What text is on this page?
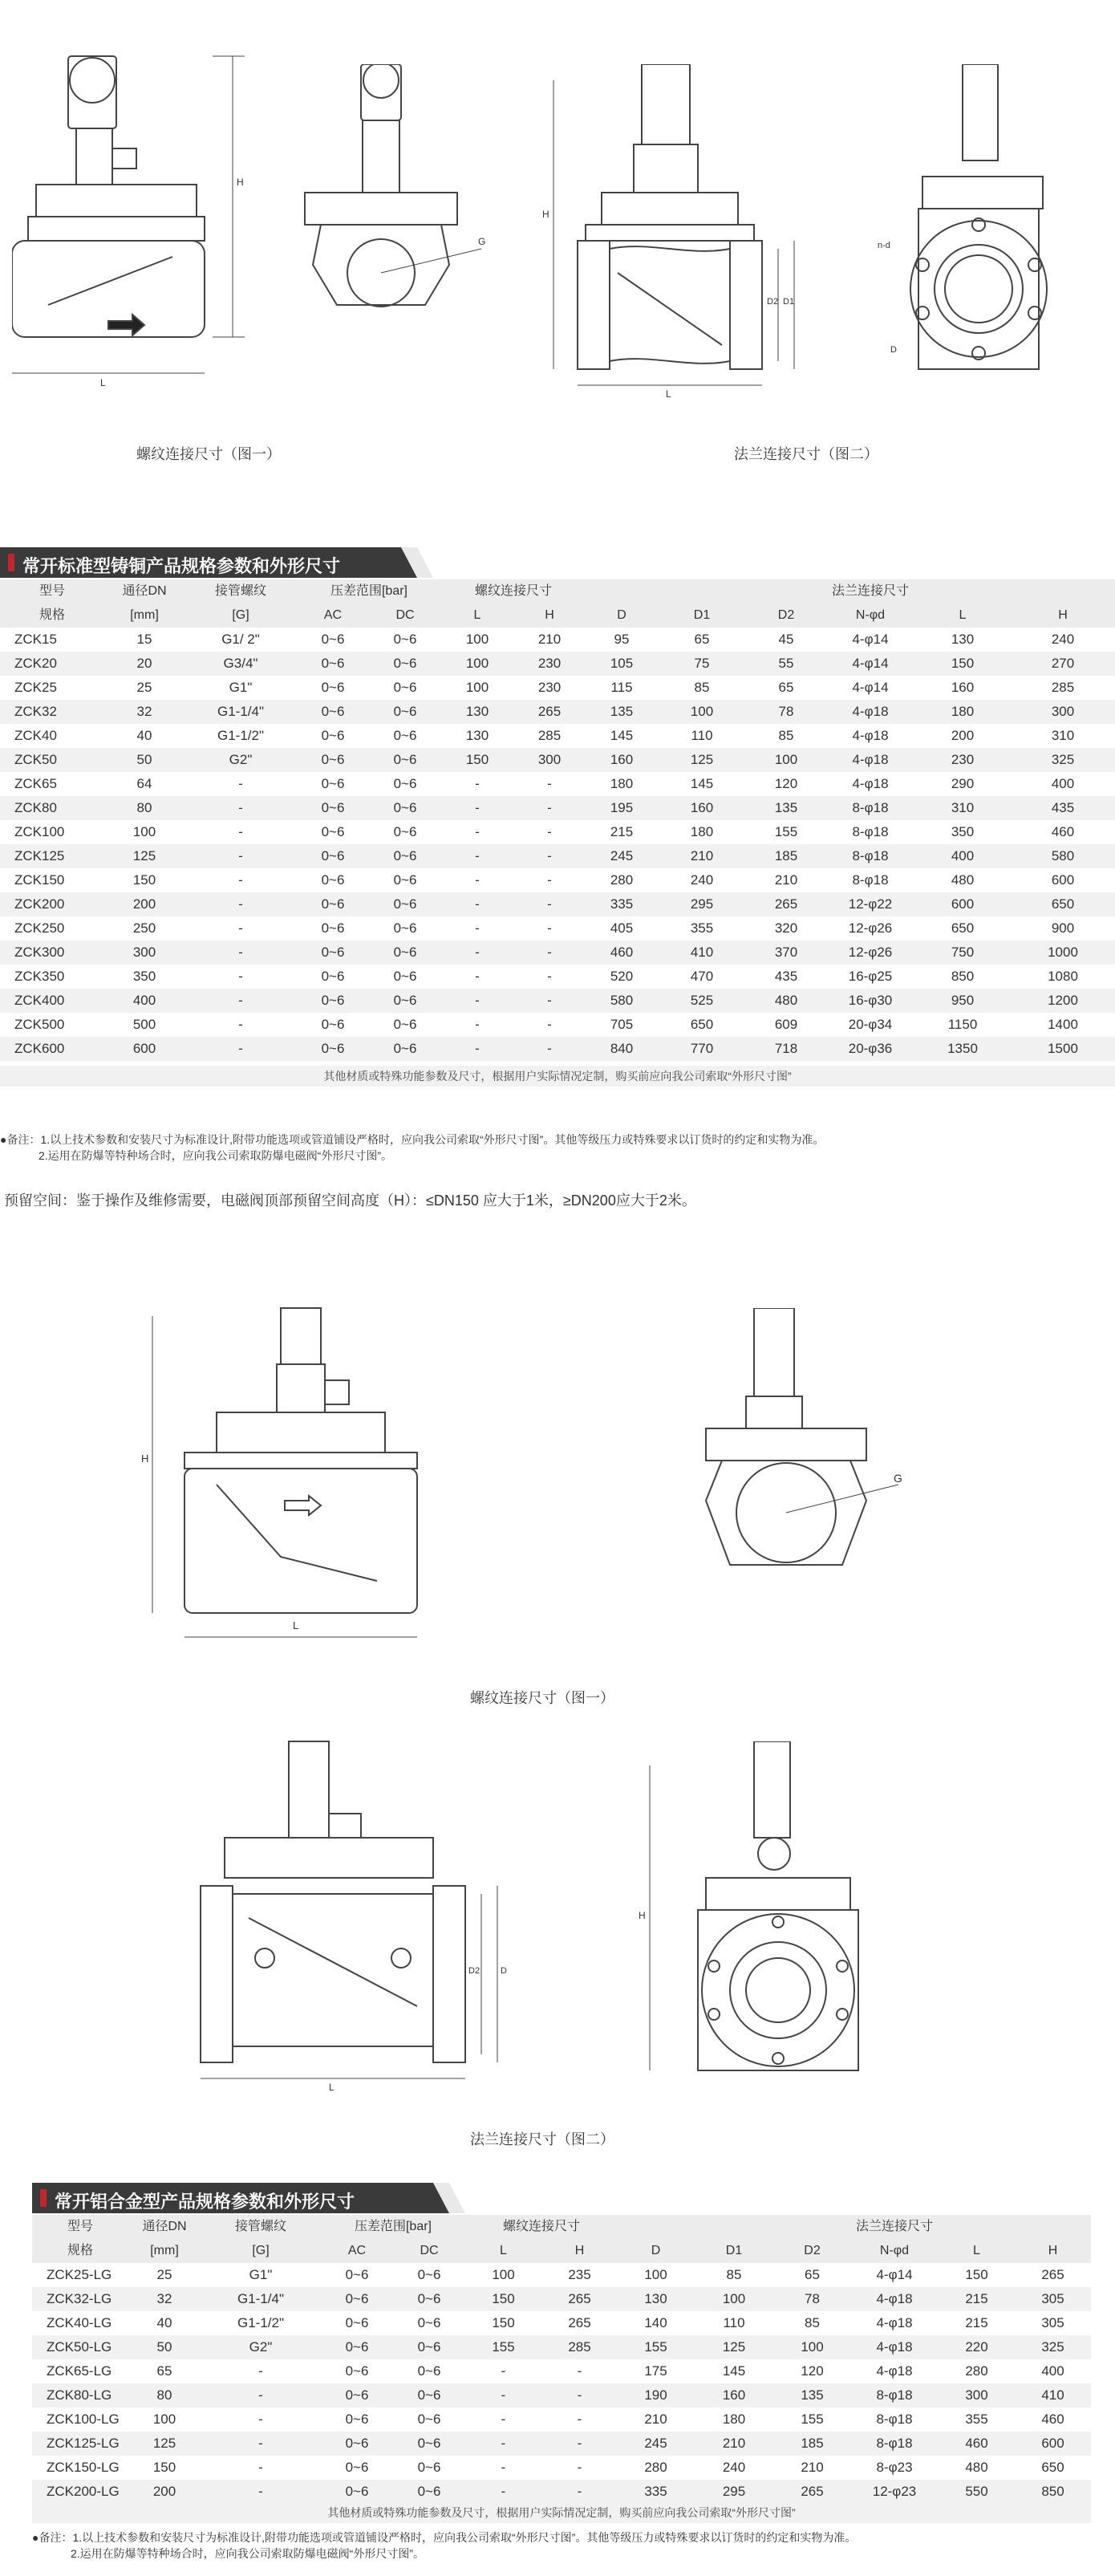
H
L
G
H
L
D2 D1
n-d
D
螺纹连接尺寸（图一）	法兰连接尺寸（图二）
常开标准型铸铜产品规格参数和外形尺寸
型号	通径DN	接管螺纹	压差范围[bar]		螺纹连接尺寸					法兰连接尺寸		
规格	[mm]	[G]	AC	DC	L	H	D	D1	D2	N-φd	L	H
ZCK15	15	G1/ 2"	0~6	0~6	100	210	95	65	45	4-φ14	130	240
ZCK20	20	G3/4"	0~6	0~6	100	230	105	75	55	4-φ14	150	270
ZCK25	25	G1"	0~6	0~6	100	230	115	85	65	4-φ14	160	285
ZCK32	32	G1-1/4"	0~6	0~6	130	265	135	100	78	4-φ18	180	300
ZCK40	40	G1-1/2"	0~6	0~6	130	285	145	110	85	4-φ18	200	310
ZCK50	50	G2"	0~6	0~6	150	300	160	125	100	4-φ18	230	325
ZCK65	64	-	0~6	0~6	-	-	180	145	120	4-φ18	290	400
ZCK80	80	-	0~6	0~6	-	-	195	160	135	8-φ18	310	435
ZCK100	100	-	0~6	0~6	-	-	215	180	155	8-φ18	350	460
ZCK125	125	-	0~6	0~6	-	-	245	210	185	8-φ18	400	580
ZCK150	150	-	0~6	0~6	-	-	280	240	210	8-φ18	480	600
ZCK200	200	-	0~6	0~6	-	-	335	295	265	12-φ22	600	650
ZCK250	250	-	0~6	0~6	-	-	405	355	320	12-φ26	650	900
ZCK300	300	-	0~6	0~6	-	-	460	410	370	12-φ26	750	1000
ZCK350	350	-	0~6	0~6	-	-	520	470	435	16-φ25	850	1080
ZCK400	400	-	0~6	0~6	-	-	580	525	480	16-φ30	950	1200
ZCK500	500	-	0~6	0~6	-	-	705	650	609	20-φ34	1150	1400
ZCK600	600	-	0~6	0~6	-	-	840	770	718	20-φ36	1350	1500
其他材质或特殊功能参数及尺寸，根据用户实际情况定制，购买前应向我公司索取“外形尺寸图”
●备注：1.以上技术参数和安装尺寸为标准设计,附带功能选项或管道铺设严格时，应向我公司索取“外形尺寸图”。其他等级压力或特殊要求以订货时的约定和实物为准。
2.运用在防爆等特种场合时，应向我公司索取防爆电磁阀“外形尺寸图”。
预留空间：鉴于操作及维修需要，电磁阀顶部预留空间高度（H）：≤DN150 应大于1米，≥DN200应大于2米。
H
L
G
螺纹连接尺寸（图一）
D2 D
L
H
法兰连接尺寸（图二）
常开铝合金型产品规格参数和外形尺寸
型号	通径DN	接管螺纹	压差范围[bar]		螺纹连接尺寸					法兰连接尺寸		
规格	[mm]	[G]	AC	DC	L	H	D	D1	D2	N-φd	L	H
ZCK25-LG	25	G1"	0~6	0~6	100	235	100	85	65	4-φ14	150	265
ZCK32-LG	32	G1-1/4"	0~6	0~6	150	265	130	100	78	4-φ18	215	305
ZCK40-LG	40	G1-1/2"	0~6	0~6	150	265	140	110	85	4-φ18	215	305
ZCK50-LG	50	G2"	0~6	0~6	155	285	155	125	100	4-φ18	220	325
ZCK65-LG	65	-	0~6	0~6	-	-	175	145	120	4-φ18	280	400
ZCK80-LG	80	-	0~6	0~6	-	-	190	160	135	8-φ18	300	410
ZCK100-LG	100	-	0~6	0~6	-	-	210	180	155	8-φ18	355	460
ZCK125-LG	125	-	0~6	0~6	-	-	245	210	185	8-φ18	460	600
ZCK150-LG	150	-	0~6	0~6	-	-	280	240	210	8-φ23	480	650
ZCK200-LG	200	-	0~6	0~6	-	-	335	295	265	12-φ23	550	850
其他材质或特殊功能参数及尺寸，根据用户实际情况定制，购买前应向我公司索取“外形尺寸图”
●备注：1.以上技术参数和安装尺寸为标准设计,附带功能选项或管道铺设严格时，应向我公司索取“外形尺寸图”。其他等级压力或特殊要求以订货时的约定和实物为准。
2.运用在防爆等特种场合时，应向我公司索取防爆电磁阀“外形尺寸图”。
